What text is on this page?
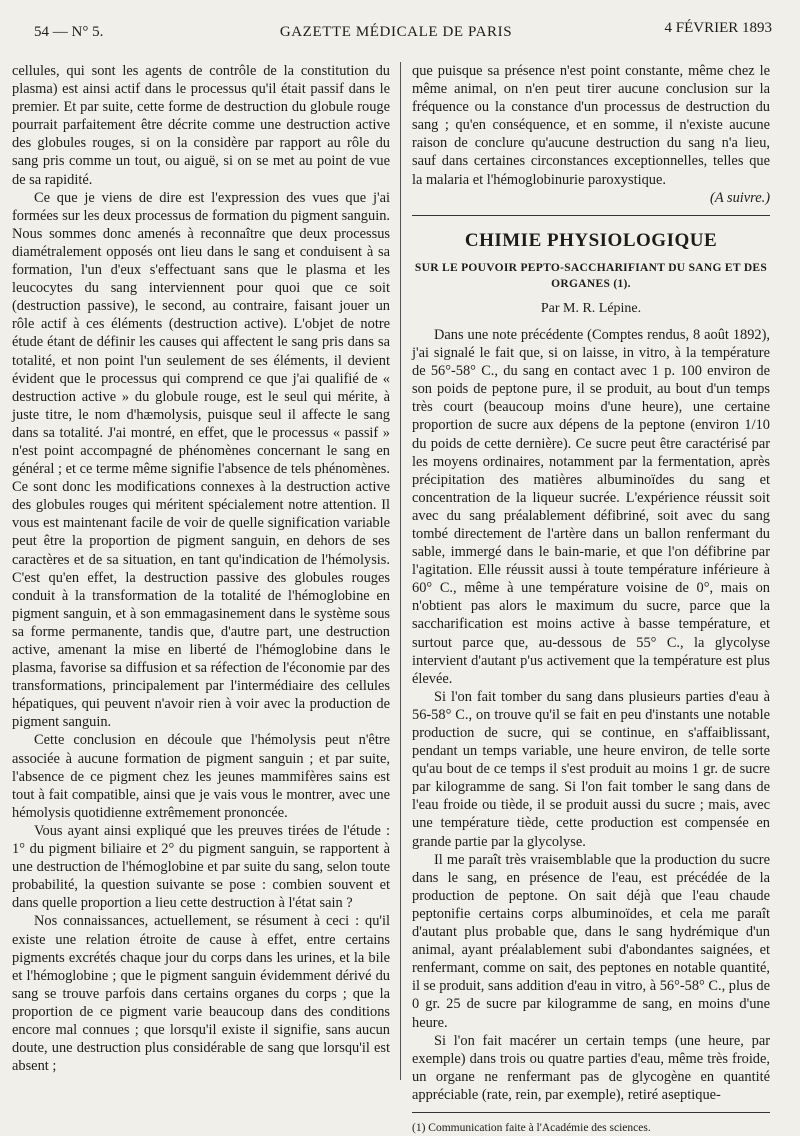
54 — N° 5.	GAZETTE MÉDICALE DE PARIS	4 FÉVRIER 1893

cellules, qui sont les agents de contrôle de la constitution du plasma) est ainsi actif dans le processus qu'il était passif dans le premier. Et par suite, cette forme de destruction du globule rouge pourrait parfaitement être décrite comme une destruction active des globules rouges, si on la considère par rapport au rôle du sang pris comme un tout, ou aiguë, si on se met au point de vue de sa rapidité.

Ce que je viens de dire est l'expression des vues que j'ai formées sur les deux processus de formation du pigment sanguin. Nous sommes donc amenés à reconnaître que deux processus diamétralement opposés ont lieu dans le sang et conduisent à sa formation, l'un d'eux s'effectuant sans que le plasma et les leucocytes du sang interviennent pour quoi que ce soit (destruction passive), le second, au contraire, faisant jouer un rôle actif à ces éléments (destruction active). L'objet de notre étude étant de définir les causes qui affectent le sang pris dans sa totalité, et non point l'un seulement de ses éléments, il devient évident que le processus qui comprend ce que j'ai qualifié de « destruction active » du globule rouge, est le seul qui mérite, à juste titre, le nom d'hæmolysis, puisque seul il affecte le sang dans sa totalité. J'ai montré, en effet, que le processus « passif » n'est point accompagné de phénomènes concernant le sang en général ; et ce terme même signifie l'absence de tels phénomènes. Ce sont donc les modifications connexes à la destruction active des globules rouges qui méritent spécialement notre attention. Il vous est maintenant facile de voir de quelle signification variable peut être la proportion de pigment sanguin, en dehors de ses caractères et de sa situation, en tant qu'indication de l'hémolysis. C'est qu'en effet, la destruction passive des globules rouges conduit à la transformation de la totalité de l'hémoglobine en pigment sanguin, et à son emmagasinement dans le système sous sa forme permanente, tandis que, d'autre part, une destruction active, amenant la mise en liberté de l'hémoglobine dans le plasma, favorise sa diffusion et sa réfection de l'économie par des transformations, principalement par l'intermédiaire des cellules hépatiques, qui peuvent n'avoir rien à voir avec la production de pigment sanguin.

Cette conclusion en découle que l'hémolysis peut n'être associée à aucune formation de pigment sanguin ; et par suite, l'absence de ce pigment chez les jeunes mammifères sains est tout à fait compatible, ainsi que je vais vous le montrer, avec une hémolysis quotidienne extrêmement prononcée.

Vous ayant ainsi expliqué que les preuves tirées de l'étude : 1° du pigment biliaire et 2° du pigment sanguin, se rapportent à une destruction de l'hémoglobine et par suite du sang, selon toute probabilité, la question suivante se pose : combien souvent et dans quelle proportion a lieu cette destruction à l'état sain ?

Nos connaissances, actuellement, se résument à ceci : qu'il existe une relation étroite de cause à effet, entre certains pigments excrétés chaque jour du corps dans les urines, et la bile et l'hémoglobine ; que le pigment sanguin évidemment dérivé du sang se trouve parfois dans certains organes du corps ; que la proportion de ce pigment varie beaucoup dans des conditions encore mal connues ; que lorsqu'il existe il signifie, sans aucun doute, une destruction plus considérable de sang que lorsqu'il est absent ;

que puisque sa présence n'est point constante, même chez le même animal, on n'en peut tirer aucune conclusion sur la fréquence ou la constance d'un processus de destruction du sang ; qu'en conséquence, et en somme, il n'existe aucune raison de conclure qu'aucune destruction du sang n'a lieu, sauf dans certaines circonstances exceptionnelles, telles que la malaria et l'hémoglobinurie paroxystique.

(A suivre.)

CHIMIE PHYSIOLOGIQUE
SUR LE POUVOIR PEPTO-SACCHARIFIANT DU SANG ET DES ORGANES (1).
Par M. R. Lépine.

Dans une note précédente (Comptes rendus, 8 août 1892), j'ai signalé le fait que, si on laisse, in vitro, à la température de 56°-58° C., du sang en contact avec 1 p. 100 environ de son poids de peptone pure, il se produit, au bout d'un temps très court (beaucoup moins d'une heure), une certaine proportion de sucre aux dépens de la peptone (environ 1/10 du poids de cette dernière). Ce sucre peut être caractérisé par les moyens ordinaires, notamment par la fermentation, après précipitation des matières albuminoïdes du sang et concentration de la liqueur sucrée. L'expérience réussit soit avec du sang préalablement défibriné, soit avec du sang tombé directement de l'artère dans un ballon renfermant du sable, immergé dans le bain-marie, et que l'on défibrine par l'agitation. Elle réussit aussi à toute température inférieure à 60° C., même à une température voisine de 0°, mais on n'obtient pas alors le maximum du sucre, parce que la saccharification est moins active à basse température, et surtout parce que, au-dessous de 55° C., la glycolyse intervient d'autant p'us activement que la température est plus élevée.

Si l'on fait tomber du sang dans plusieurs parties d'eau à 56-58° C., on trouve qu'il se fait en peu d'instants une notable production de sucre, qui se continue, en s'affaiblissant, pendant un temps variable, une heure environ, de telle sorte qu'au bout de ce temps il s'est produit au moins 1 gr. de sucre par kilogramme de sang. Si l'on fait tomber le sang dans de l'eau froide ou tiède, il se produit aussi du sucre ; mais, avec une température tiède, cette production est compensée en grande partie par la glycolyse.

Il me paraît très vraisemblable que la production du sucre dans le sang, en présence de l'eau, est précédée de la production de peptone. On sait déjà que l'eau chaude peptonifie certains corps albuminoïdes, et cela me paraît d'autant plus probable que, dans le sang hydrémique d'un animal, ayant préalablement subi d'abondantes saignées, et renfermant, comme on sait, des peptones en notable quantité, il se produit, sans addition d'eau in vitro, à 56°-58° C., plus de 0 gr. 25 de sucre par kilogramme de sang, en moins d'une heure.

Si l'on fait macérer un certain temps (une heure, par exemple) dans trois ou quatre parties d'eau, même très froide, un organe ne renfermant pas de glycogène en quantité appréciable (rate, rein, par exemple), retiré aseptique-

(1) Communication faite à l'Académie des sciences.
